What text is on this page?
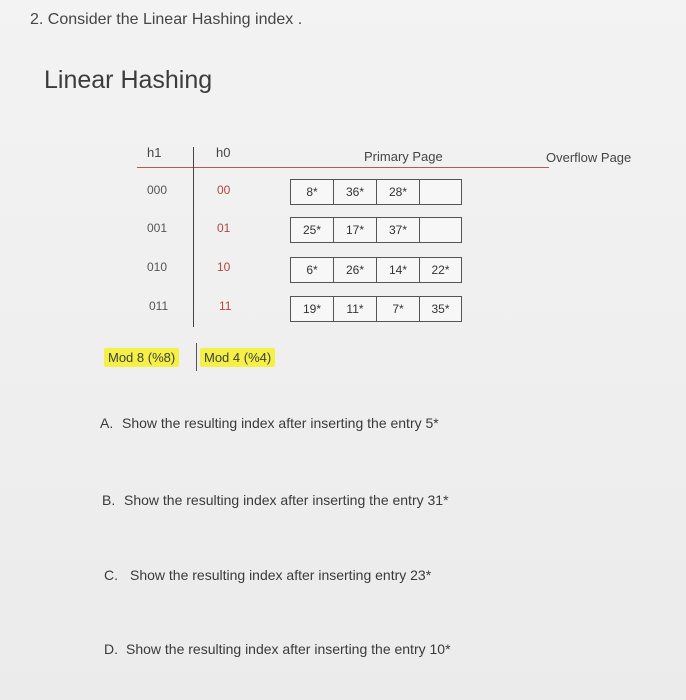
2. Consider the Linear Hashing index .
Linear Hashing
h1	h0	Primary Page	Overflow Page
000	00	8*	36*	28*
001	01	25*	17*	37*
010	10	6*	26*	14*	22*
011	11	19*	11*	7*	35*
Mod 8 (%8)	Mod 4 (%4)
A. Show the resulting index after inserting the entry 5*
B. Show the resulting index after inserting the entry 31*
C. Show the resulting index after inserting entry 23*
D. Show the resulting index after inserting the entry 10*
